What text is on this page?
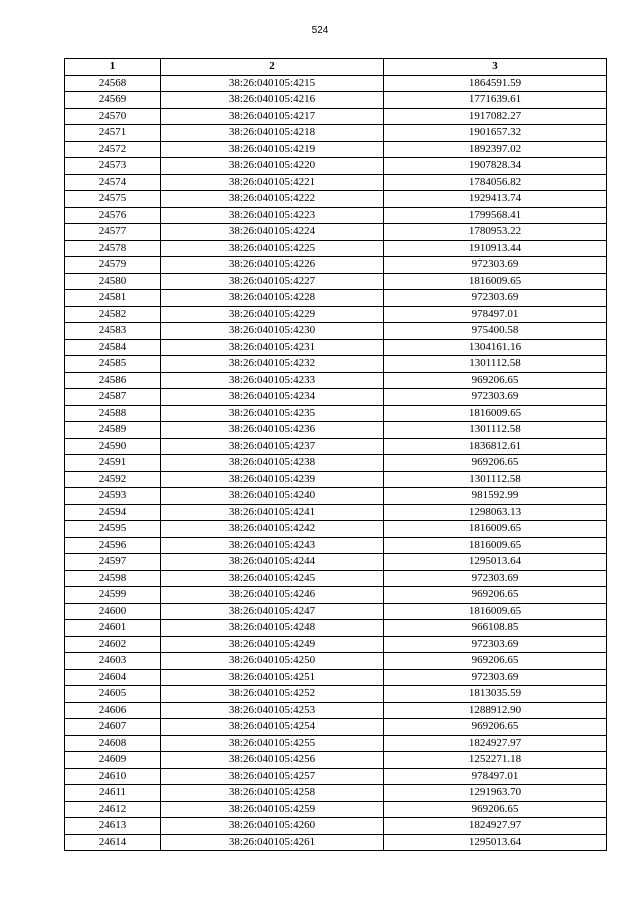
524
1	2	3
24568	38:26:040105:4215	1864591.59
24569	38:26:040105:4216	1771639.61
24570	38:26:040105:4217	1917082.27
24571	38:26:040105:4218	1901657.32
24572	38:26:040105:4219	1892397.02
24573	38:26:040105:4220	1907828.34
24574	38:26:040105:4221	1784056.82
24575	38:26:040105:4222	1929413.74
24576	38:26:040105:4223	1799568.41
24577	38:26:040105:4224	1780953.22
24578	38:26:040105:4225	1910913.44
24579	38:26:040105:4226	972303.69
24580	38:26:040105:4227	1816009.65
24581	38:26:040105:4228	972303.69
24582	38:26:040105:4229	978497.01
24583	38:26:040105:4230	975400.58
24584	38:26:040105:4231	1304161.16
24585	38:26:040105:4232	1301112.58
24586	38:26:040105:4233	969206.65
24587	38:26:040105:4234	972303.69
24588	38:26:040105:4235	1816009.65
24589	38:26:040105:4236	1301112.58
24590	38:26:040105:4237	1836812.61
24591	38:26:040105:4238	969206.65
24592	38:26:040105:4239	1301112.58
24593	38:26:040105:4240	981592.99
24594	38:26:040105:4241	1298063.13
24595	38:26:040105:4242	1816009.65
24596	38:26:040105:4243	1816009.65
24597	38:26:040105:4244	1295013.64
24598	38:26:040105:4245	972303.69
24599	38:26:040105:4246	969206.65
24600	38:26:040105:4247	1816009.65
24601	38:26:040105:4248	966108.85
24602	38:26:040105:4249	972303.69
24603	38:26:040105:4250	969206.65
24604	38:26:040105:4251	972303.69
24605	38:26:040105:4252	1813035.59
24606	38:26:040105:4253	1288912.90
24607	38:26:040105:4254	969206.65
24608	38:26:040105:4255	1824927.97
24609	38:26:040105:4256	1252271.18
24610	38:26:040105:4257	978497.01
24611	38:26:040105:4258	1291963.70
24612	38:26:040105:4259	969206.65
24613	38:26:040105:4260	1824927.97
24614	38:26:040105:4261	1295013.64
